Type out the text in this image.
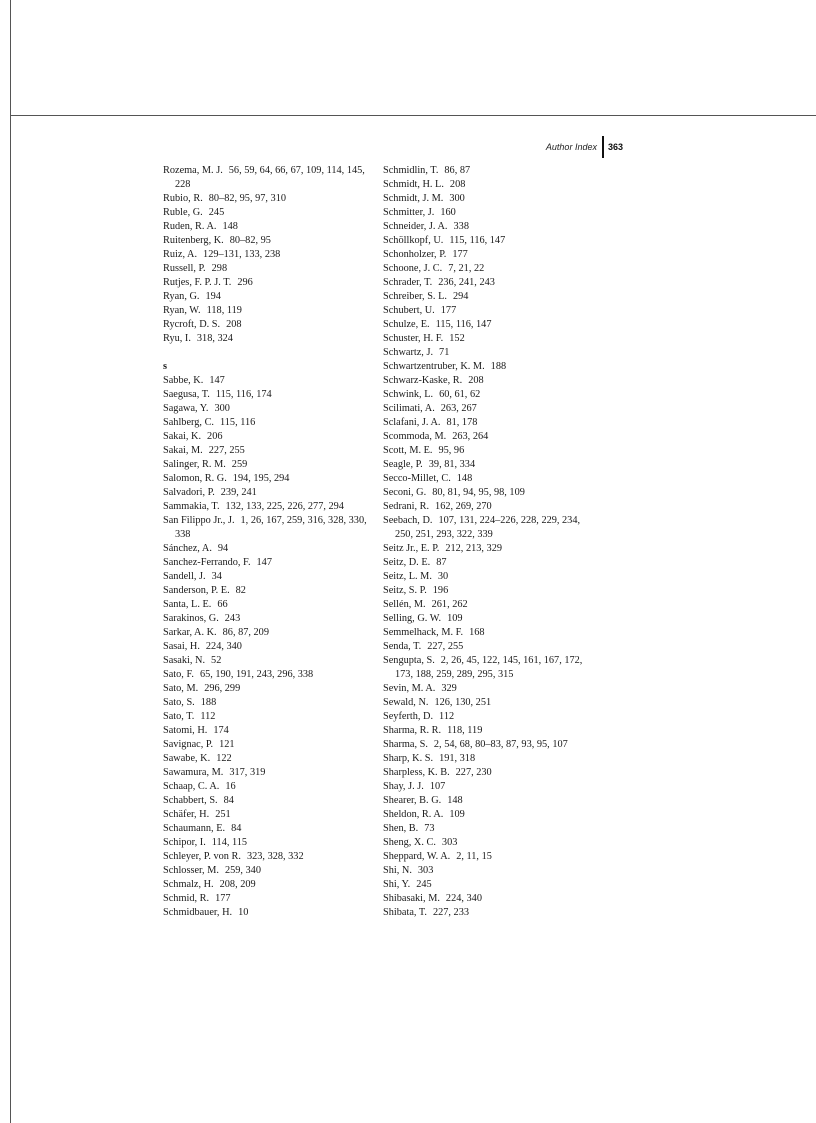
Author Index 363
Rozema, M. J. 56, 59, 64, 66, 67, 109, 114, 145, 228
Rubio, R. 80–82, 95, 97, 310
Ruble, G. 245
Ruden, R. A. 148
Ruitenberg, K. 80–82, 95
Ruiz, A. 129–131, 133, 238
Russell, P. 298
Rutjes, F. P. J. T. 296
Ryan, G. 194
Ryan, W. 118, 119
Rycroft, D. S. 208
Ryu, I. 318, 324
s
Sabbe, K. 147
Saegusa, T. 115, 116, 174
Sagawa, Y. 300
Sahlberg, C. 115, 116
Sakai, K. 206
Sakai, M. 227, 255
Salinger, R. M. 259
Salomon, R. G. 194, 195, 294
Salvadori, P. 239, 241
Sammakia, T. 132, 133, 225, 226, 277, 294
San Filippo Jr., J. 1, 26, 167, 259, 316, 328, 330, 338
Sánchez, A. 94
Sanchez-Ferrando, F. 147
Sandell, J. 34
Sanderson, P. E. 82
Santa, L. E. 66
Sarakinos, G. 243
Sarkar, A. K. 86, 87, 209
Sasai, H. 224, 340
Sasaki, N. 52
Sato, F. 65, 190, 191, 243, 296, 338
Sato, M. 296, 299
Sato, S. 188
Sato, T. 112
Satomi, H. 174
Savignac, P. 121
Sawabe, K. 122
Sawamura, M. 317, 319
Schaap, C. A. 16
Schabbert, S. 84
Schäfer, H. 251
Schaumann, E. 84
Schipor, I. 114, 115
Schleyer, P. von R. 323, 328, 332
Schlosser, M. 259, 340
Schmalz, H. 208, 209
Schmid, R. 177
Schmidbauer, H. 10
Schmidlin, T. 86, 87
Schmidt, H. L. 208
Schmidt, J. M. 300
Schmitter, J. 160
Schneider, J. A. 338
Schöllkopf, U. 115, 116, 147
Schonholzer, P. 177
Schoone, J. C. 7, 21, 22
Schrader, T. 236, 241, 243
Schreiber, S. L. 294
Schubert, U. 177
Schulze, E. 115, 116, 147
Schuster, H. F. 152
Schwartz, J. 71
Schwartzentruber, K. M. 188
Schwarz-Kaske, R. 208
Schwink, L. 60, 61, 62
Scilimati, A. 263, 267
Sclafani, J. A. 81, 178
Scommoda, M. 263, 264
Scott, M. E. 95, 96
Seagle, P. 39, 81, 334
Secco-Millet, C. 148
Seconi, G. 80, 81, 94, 95, 98, 109
Sedrani, R. 162, 269, 270
Seebach, D. 107, 131, 224–226, 228, 229, 234, 250, 251, 293, 322, 339
Seitz Jr., E. P. 212, 213, 329
Seitz, D. E. 87
Seitz, L. M. 30
Seitz, S. P. 196
Sellén, M. 261, 262
Selling, G. W. 109
Semmelhack, M. F. 168
Senda, T. 227, 255
Sengupta, S. 2, 26, 45, 122, 145, 161, 167, 172, 173, 188, 259, 289, 295, 315
Sevin, M. A. 329
Sewald, N. 126, 130, 251
Seyferth, D. 112
Sharma, R. R. 118, 119
Sharma, S. 2, 54, 68, 80–83, 87, 93, 95, 107
Sharp, K. S. 191, 318
Sharpless, K. B. 227, 230
Shay, J. J. 107
Shearer, B. G. 148
Sheldon, R. A. 109
Shen, B. 73
Sheng, X. C. 303
Sheppard, W. A. 2, 11, 15
Shi, N. 303
Shi, Y. 245
Shibasaki, M. 224, 340
Shibata, T. 227, 233
